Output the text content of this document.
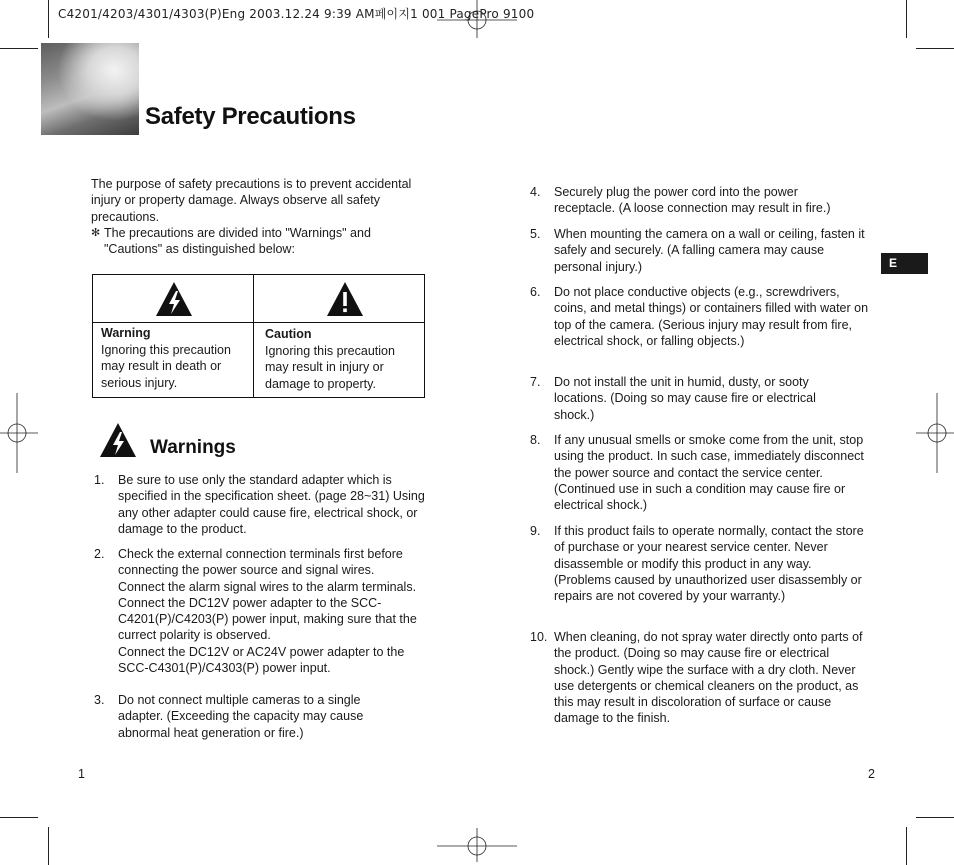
C4201/4203/4301/4303(P)Eng 2003.12.24 9:39 AM페이지1 001 PagePro 9100
Safety Precautions
The purpose of safety precautions is to prevent accidental injury or property damage. Always observe all safety precautions.
✻ The precautions are divided into "Warnings" and "Cautions" as distinguished below:
Warning
Ignoring this precaution may result in death or serious injury.
Caution
Ignoring this precaution may result in injury or damage to property.
Warnings
1. Be sure to use only the standard adapter which is specified in the specification sheet. (page 28~31) Using any other adapter could cause fire, electrical shock, or damage to the product.
2. Check the external connection terminals first before connecting the power source and signal wires.
Connect the alarm signal wires to the alarm terminals. Connect the DC12V power adapter to the SCC-C4201(P)/C4203(P) power input, making sure that the currect polarity is observed.
Connect the DC12V or AC24V power adapter to the SCC-C4301(P)/C4303(P) power input.
3. Do not connect multiple cameras to a single adapter. (Exceeding the capacity may cause abnormal heat generation or fire.)
4. Securely plug the power cord into the power receptacle. (A loose connection may result in fire.)
5. When mounting the camera on a wall or ceiling, fasten it safely and securely. (A falling camera may cause personal injury.)
6. Do not place conductive objects (e.g., screwdrivers, coins, and metal things) or containers filled with water on top of the camera. (Serious injury may result from fire, electrical shock, or falling objects.)
7. Do not install the unit in humid, dusty, or sooty locations. (Doing so may cause fire or electrical shock.)
8. If any unusual smells or smoke come from the unit, stop using the product. In such case, immediately disconnect the power source and contact the service center. (Continued use in such a condition may cause fire or electrical shock.)
9. If this product fails to operate normally, contact the store of purchase or your nearest service center. Never disassemble or modify this product in any way. (Problems caused by unauthorized user disassembly or repairs are not covered by your warranty.)
10. When cleaning, do not spray water directly onto parts of the product. (Doing so may cause fire or electrical shock.) Gently wipe the surface with a dry cloth. Never use detergents or chemical cleaners on the product, as this may result in discoloration of surface or cause damage to the finish.
1	2
E
